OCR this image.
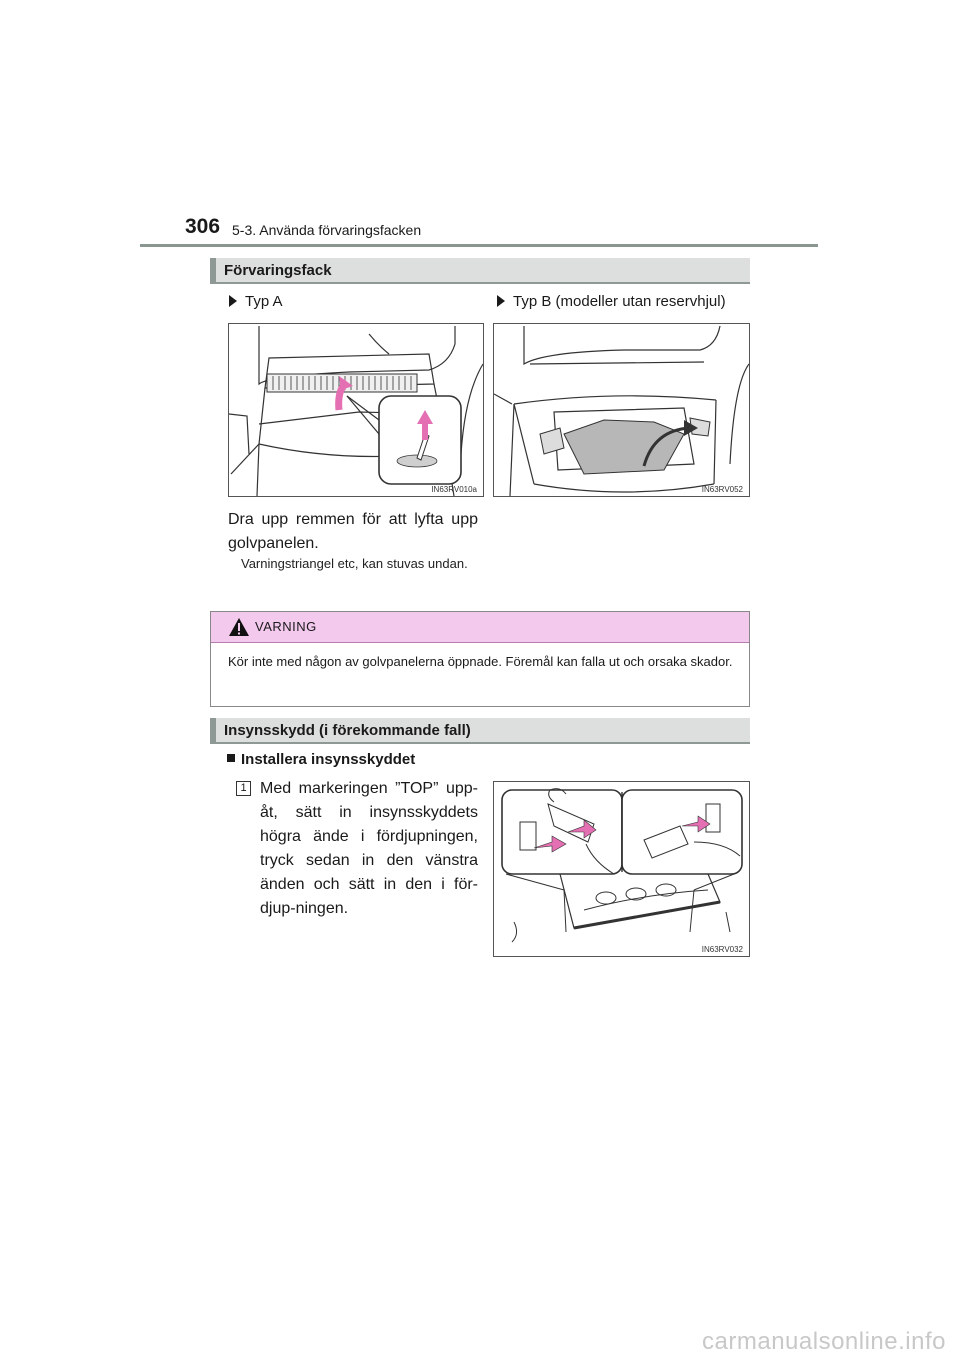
306 5-3. Använda förvaringsfacken
Förvaringsfack
Typ A	Typ B (modeller utan reservhjul)
IN63RV010a	IN63RV052
Dra upp remmen för att lyfta upp golvpanelen.
Varningstriangel etc, kan stuvas undan.
VARNING
Kör inte med någon av golvpanelerna öppnade. Föremål kan falla ut och orsaka skador.
Insynsskydd (i förekommande fall)
Installera insynsskyddet
1 Med markeringen ”TOP” upp-åt, sätt in insynsskyddets högra ände i fördjupningen, tryck sedan in den vänstra änden och sätt in den i för-djup-ningen.
IN63RV032
carmanualsonline.info
